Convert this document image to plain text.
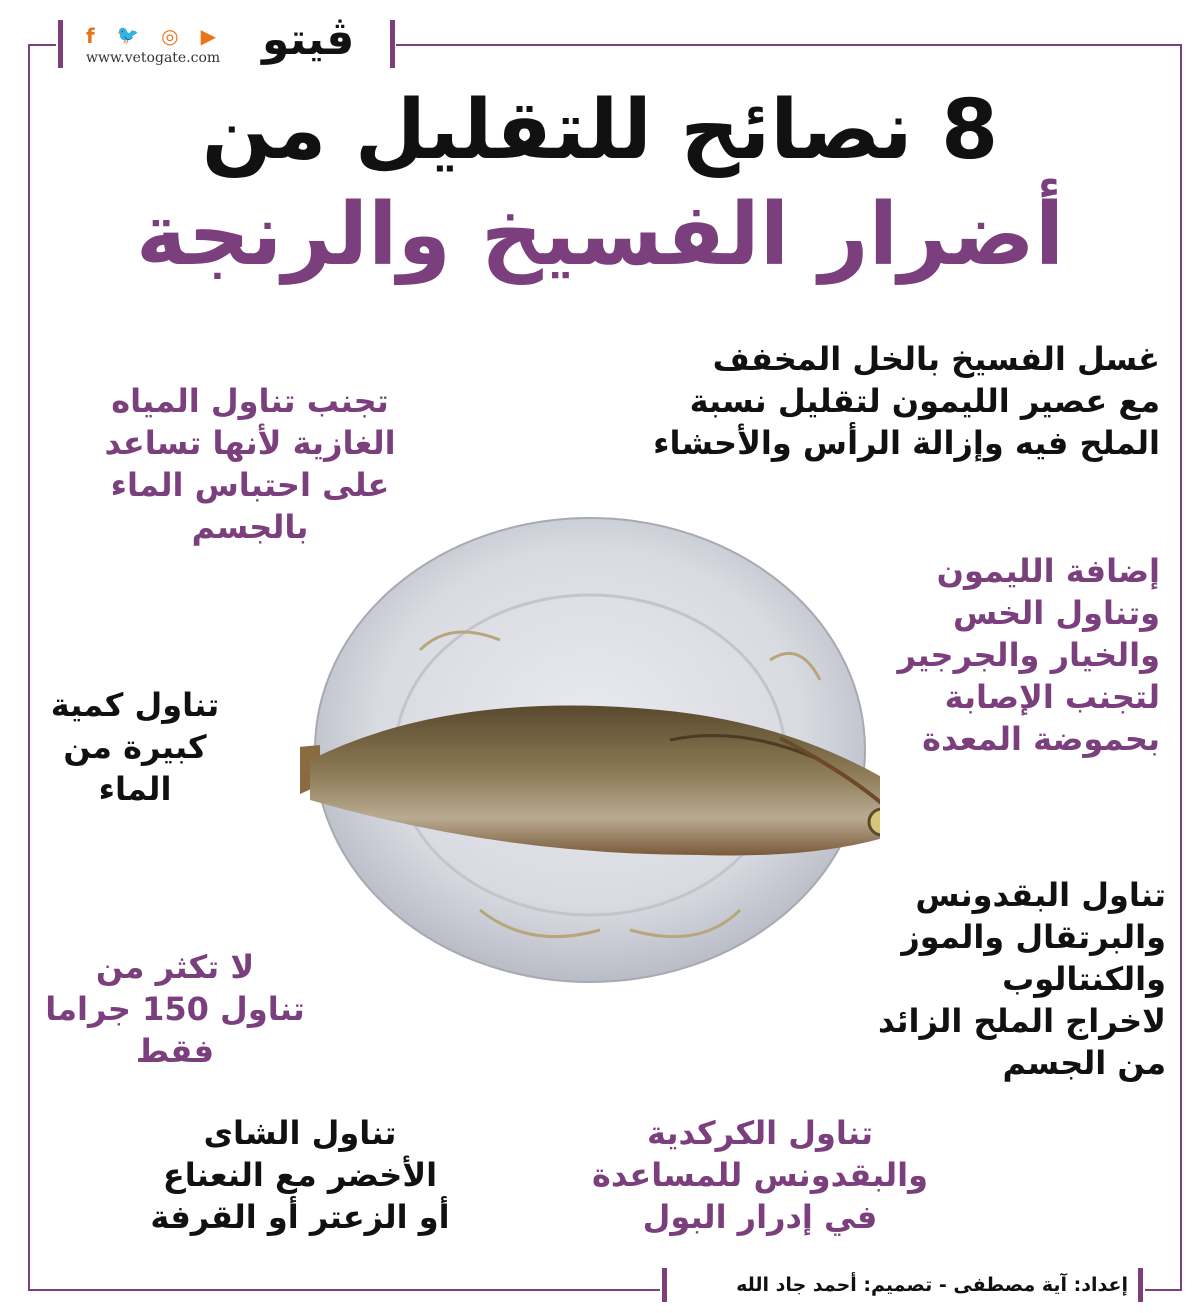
f 🐦 ◎ ▶
www.vetogate.com ڤيتو
8 نصائح للتقليل من
أضرار الفسيخ والرنجة
غسل الفسيخ بالخل المخفف
مع عصير الليمون لتقليل نسبة
الملح فيه وإزالة الرأس والأحشاء
تجنب تناول المياه
الغازية لأنها تساعد
على احتباس الماء
بالجسم
إضافة الليمون
وتناول الخس
والخيار والجرجير
لتجنب الإصابة
بحموضة المعدة
تناول كمية
كبيرة من
الماء
تناول البقدونس
والبرتقال والموز
والكنتالوب
لاخراج الملح الزائد
من الجسم
لا تكثر من
تناول 150 جراما
فقط
تناول الشاى
الأخضر مع النعناع
أو الزعتر أو القرفة
تناول الكركدية
والبقدونس للمساعدة
في إدرار البول
إعداد: آية مصطفى - تصميم: أحمد جاد الله
